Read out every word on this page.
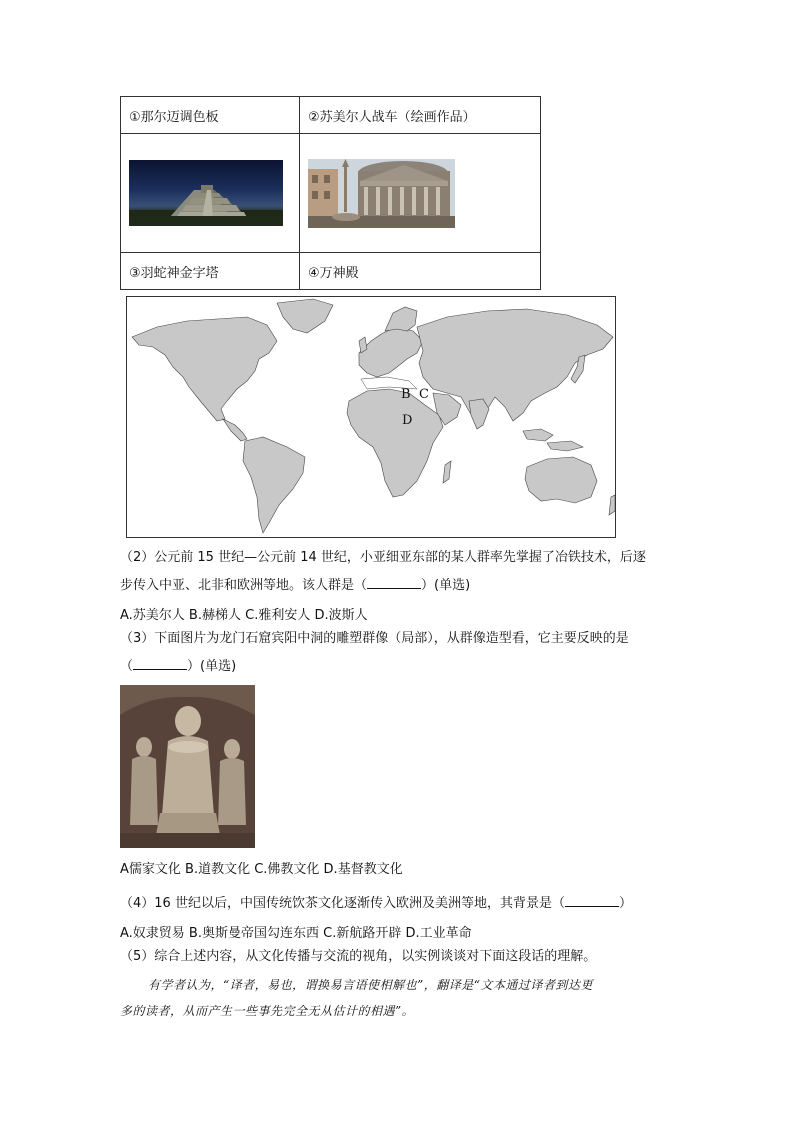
①那尔迈调色板	②苏美尔人战车（绘画作品）

③羽蛇神金字塔	④万神殿
B C
D
（2）公元前 15 世纪—公元前 14 世纪，小亚细亚东部的某人群率先掌握了冶铁技术，后逐
步传入中亚、北非和欧洲等地。该人群是（	）(单选)
A.苏美尔人 B.赫梯人 C.雅利安人 D.波斯人
（3）下面图片为龙门石窟宾阳中洞的雕塑群像（局部），从群像造型看，它主要反映的是
（	）(单选)
A儒家文化 B.道教文化 C.佛教文化 D.基督教文化
（4）16 世纪以后，中国传统饮茶文化逐渐传入欧洲及美洲等地，其背景是（	）
A.奴隶贸易 B.奥斯曼帝国勾连东西 C.新航路开辟 D.工业革命
（5）综合上述内容，从文化传播与交流的视角，以实例谈谈对下面这段话的理解。
有学者认为，“译者，易也，谓换易言语使相解也”，翻译是“文本通过译者到达更
多的读者，从而产生一些事先完全无从估计的相遇”。
